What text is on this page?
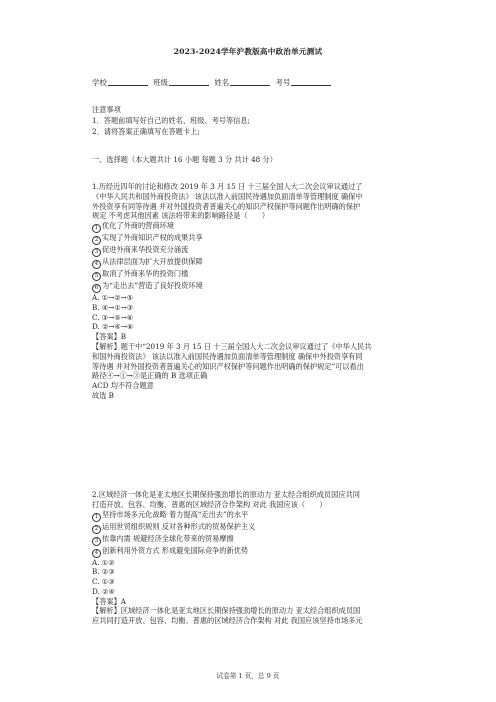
2023-2024学年沪教版高中政治单元测试
学校	班级	姓名	考号
注意事项
1．答题前填写好自己的姓名、班级、考号等信息;
2．请将答案正确填写在答题卡上;
一、选择题（本大题共计 16 小题 每题 3 分 共计 48 分）
1.历经近四年的讨论和修改 2019 年 3 月 15 日 十三届全国人大二次会议审议通过了
《中华人民共和国外商投资法》 该法以准入前国民待遇加负面清单等管理制度 确保中
外投资享有同等待遇 并对外国投资者普遍关心的知识产权保护等问题作出明确的保护
规定 不考虑其他因素 该法将带来的影响路径是（　　）
1 优化了外商的营商环境
2 实现了外商知识产权的成果共享
3 促进外商来华投资充分涌流
4 从法律层面为扩大开放提供保障
5 取消了外商来华的投资门槛
6 为“走出去”营造了良好投资环境
A. ①→②→⑤
B. ④→①→③
C. ③→⑤→⑥
D. ②→④→⑥
【答案】B
【解析】题干中“2019 年 3 月 15 日 十三届全国人大二次会议审议通过了《中华人民共
和国外商投资法》 该法以准入前国民待遇加负面清单等管理制度 确保中外投资享有同
等待遇 并对外国投资者普遍关心的知识产权保护等问题作出明确的保护规定”可以看出
路径④→①→③是正确的 B 选项正确
ACD 均不符合题意
故选 B
2.区域经济一体化是亚太地区长期保持强劲增长的原动力 亚太经合组织成员国应共同
打造开放、包容、均衡、普惠的区域经济合作架构 对此 我国应该（　　）
1 坚持市场多元化战略 着力提高“走出去”的水平
2 运用世贸组织规则 反对各种形式的贸易保护主义
3 依靠内需 规避经济全球化带来的贸易摩擦
4 创新利用外资方式 形成避免国际竞争的新优势
A. ①②
B. ②③
C. ①③
D. ②④
【答案】A
【解析】区域经济一体化是亚太地区长期保持强劲增长的原动力 亚太经合组织成员国
应共同打造开放、包容、均衡、普惠的区域经济合作架构 对此 我国应该坚持市场多元
试卷第 1 页，总 9 页
